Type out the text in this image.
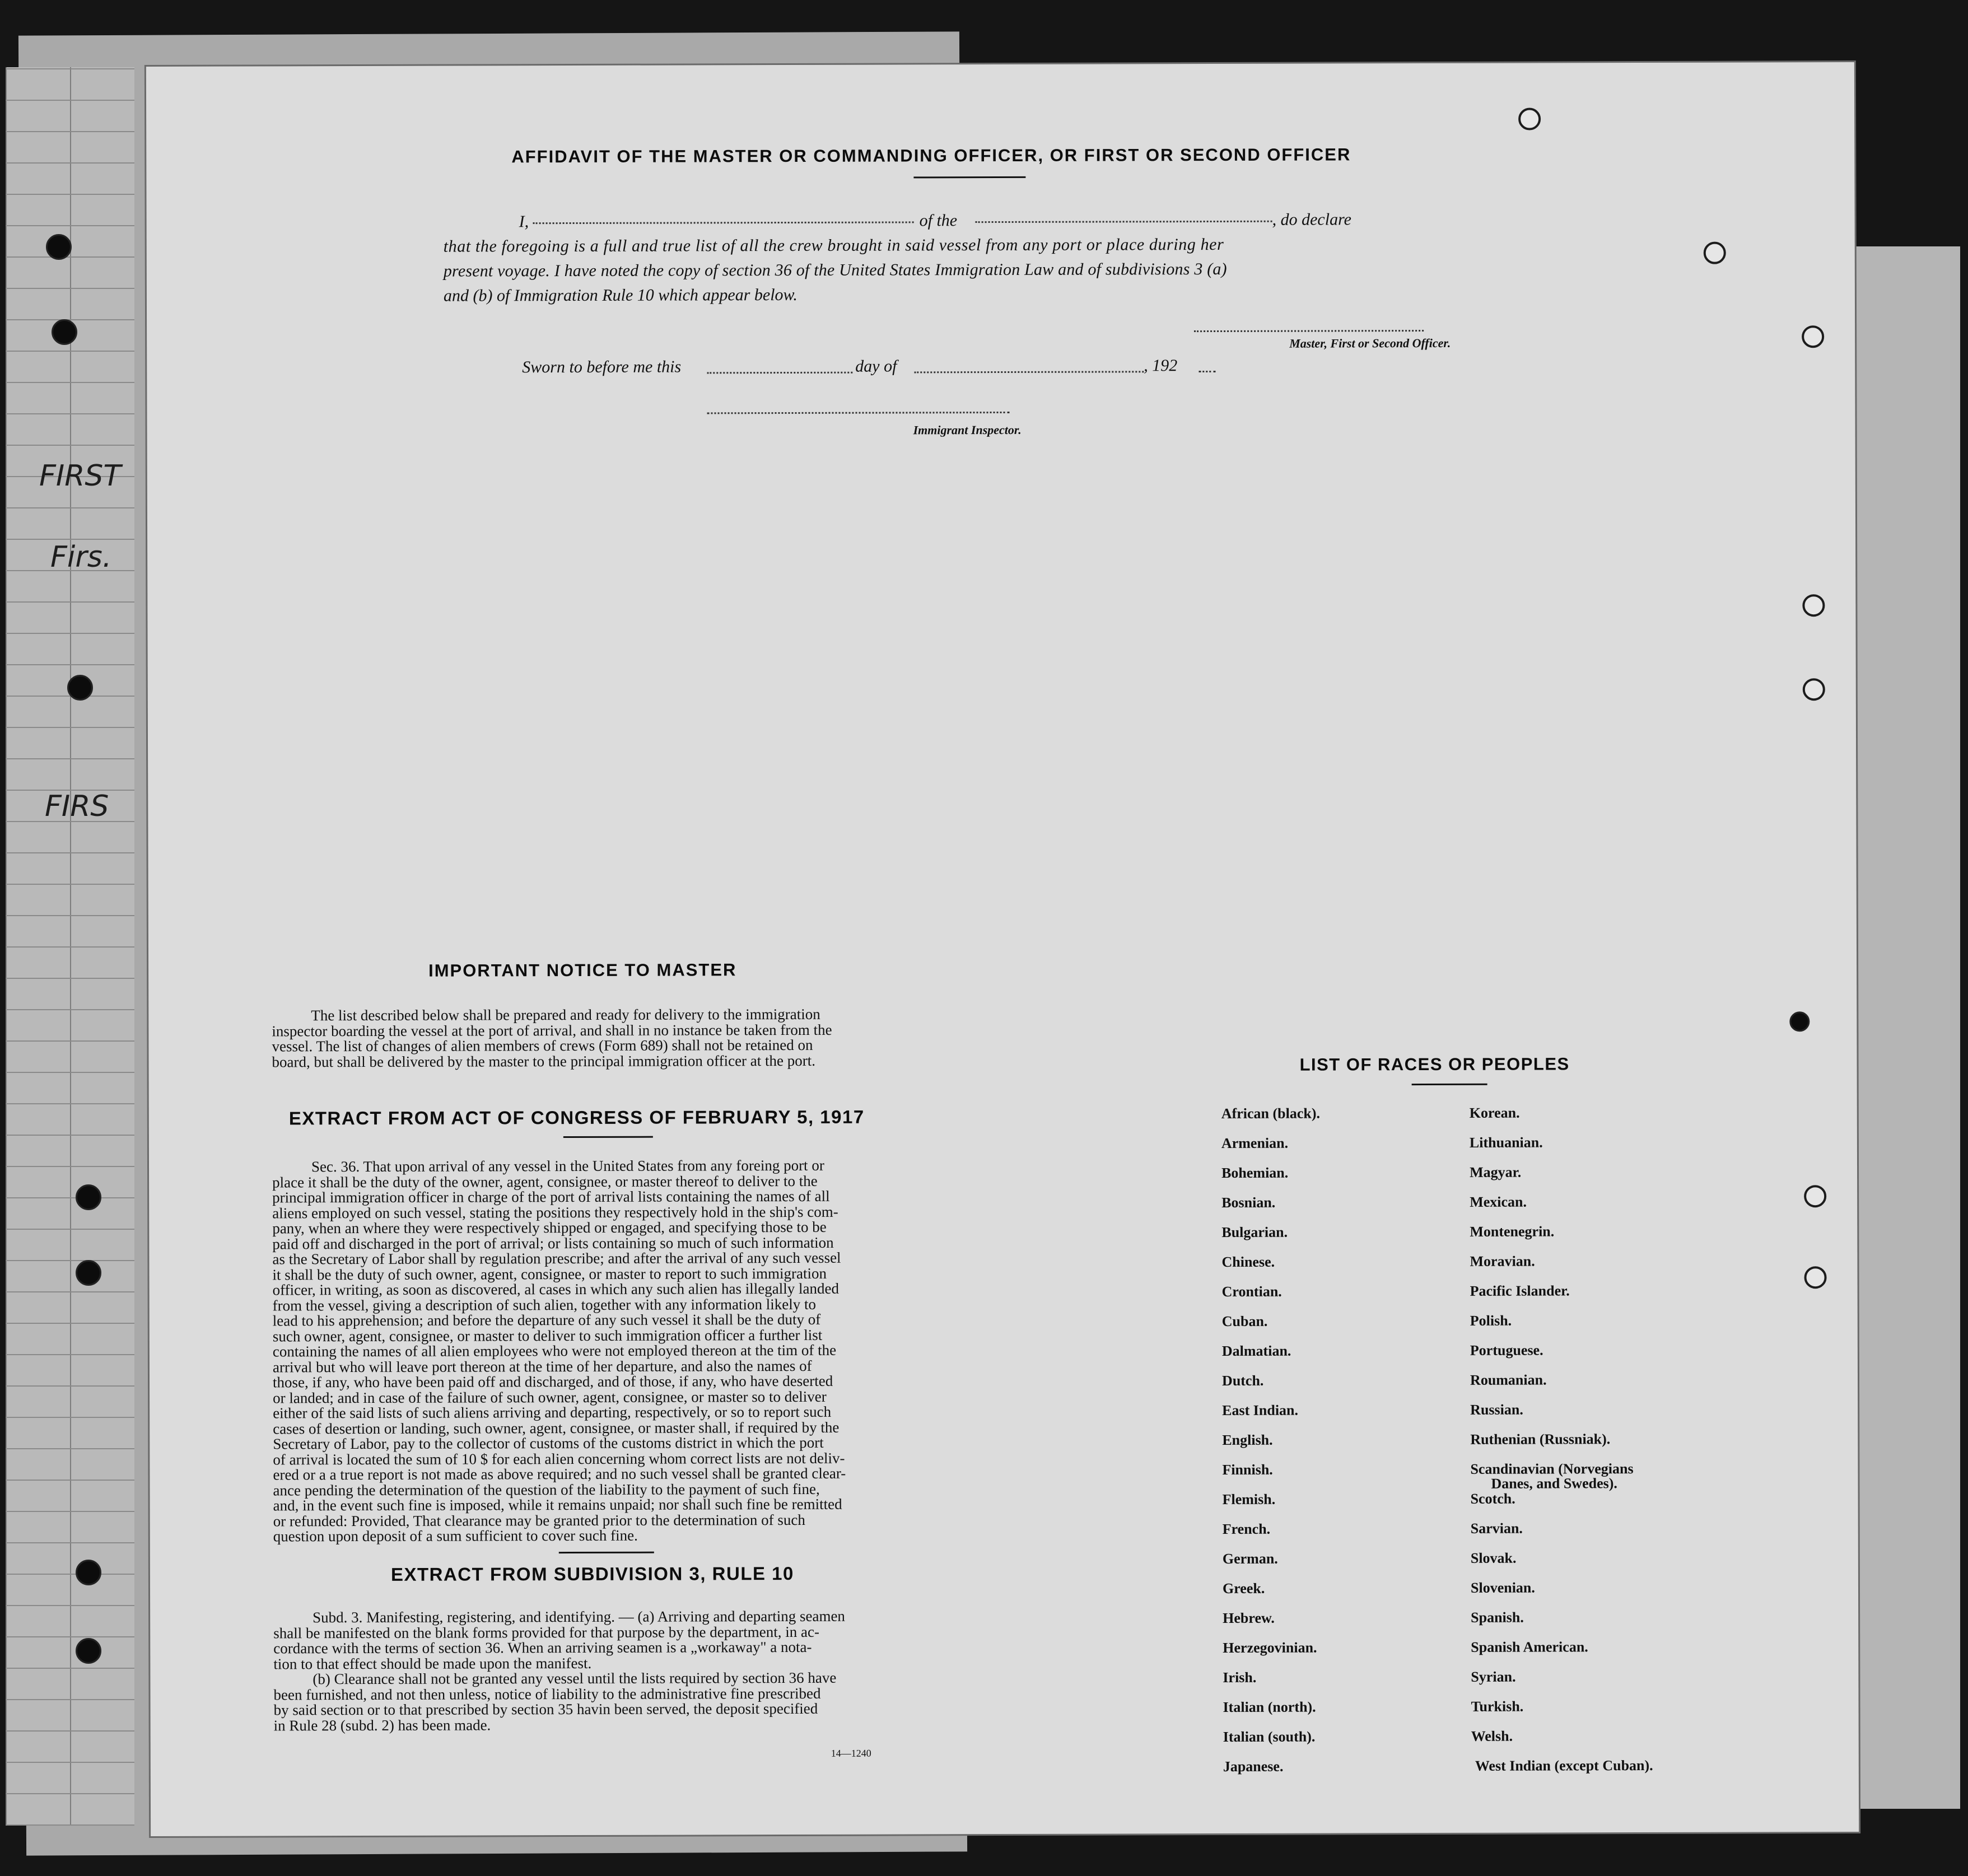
FIRST
Firs.
FIRS
AFFIDAVIT OF THE MASTER OR COMMANDING OFFICER, OR FIRST OR SECOND OFFICER
I,	of the	, do declare
that the foregoing is a full and true list of all the crew brought in said vessel from any port or place during her
present voyage. I have noted the copy of section 36 of the United States Immigration Law and of subdivisions 3 (a)
and (b) of Immigration Rule 10 which appear below.
Master, First or Second Officer.
Sworn to before me this	day of	, 192
Immigrant Inspector.
IMPORTANT NOTICE TO MASTER

The list described below shall be prepared and ready for delivery to the immigration

inspector boarding the vessel at the port of arrival, and shall in no instance be taken from the

vessel. The list of changes of alien members of crews (Form 689) shall not be retained on

board, but shall be delivered by the master to the principal immigration officer at the port.

EXTRACT FROM ACT OF CONGRESS OF FEBRUARY 5, 1917

Sec. 36. That upon arrival of any vessel in the United States from any foreing port or

place it shall be the duty of the owner, agent, consignee, or master thereof to deliver to the

principal immigration officer in charge of the port of arrival lists containing the names of all

aliens employed on such vessel, stating the positions they respectively hold in the ship's com-

pany, when an where they were respectively shipped or engaged, and specifying those to be

paid off and discharged in the port of arrival; or lists containing so much of such information

as the Secretary of Labor shall by regulation prescribe; and after the arrival of any such vessel

it shall be the duty of such owner, agent, consignee, or master to report to such immigration

officer, in writing, as soon as discovered, al cases in which any such alien has illegally landed

from the vessel, giving a description of such alien, together with any information likely to

lead to his apprehension; and before the departure of any such vessel it shall be the duty of

such owner, agent, consignee, or master to deliver to such immigration officer a further list

containing the names of all alien employees who were not employed thereon at the tim of the

arrival but who will leave port thereon at the time of her departure, and also the names of

those, if any, who have been paid off and discharged, and of those, if any, who have deserted

or landed; and in case of the failure of such owner, agent, consignee, or master so to deliver

either of the said lists of such aliens arriving and departing, respectively, or so to report such

cases of desertion or landing, such owner, agent, consignee, or master shall, if required by the

Secretary of Labor, pay to the collector of customs of the customs district in which the port

of arrival is located the sum of 10 $ for each alien concerning whom correct lists are not deliv-

ered or a a true report is not made as above required; and no such vessel shall be granted clear-

ance pending the determination of the question of the liabiIity to the payment of such fine,

and, in the event such fine is imposed, while it remains unpaid; nor shall such fine be remitted

or refunded: Provided, That clearance may be granted prior to the determination of such

question upon deposit of a sum sufficient to cover such fine.

EXTRACT FROM SUBDIVISION 3, RULE 10

Subd. 3. Manifesting, registering, and identifying. — (a) Arriving and departing seamen

shall be manifested on the blank forms provided for that purpose by the department, in ac-

cordance with the terms of section 36. When an arriving seamen is a „workaway" a nota-

tion to that effect should be made upon the manifest.

(b) Clearance shall not be granted any vessel until the lists required by section 36 have

been furnished, and not then unless, notice of liability to the administrative fine prescribed

by said section or to that prescribed by section 35 havin been served, the deposit specified

in Rule 28 (subd. 2) has been made.

14—1240
LIST OF RACES OR PEOPLES
African (black).
Armenian.
Bohemian.
Bosnian.
Bulgarian.
Chinese.
Crontian.
Cuban.
Dalmatian.
Dutch.
East Indian.
English.
Finnish.
Flemish.
French.
German.
Greek.
Hebrew.
Herzegovinian.
Irish.
Italian (north).
Italian (south).
Japanese.
Korean.
Lithuanian.
Magyar.
Mexican.
Montenegrin.
Moravian.
Pacific Islander.
Polish.
Portuguese.
Roumanian.
Russian.
Ruthenian (Russniak).
Scandinavian (Norvegians
Danes, and Swedes).
Scotch.
Sarvian.
Slovak.
Slovenian.
Spanish.
Spanish American.
Syrian.
Turkish.
Welsh.
West Indian (except Cuban).
